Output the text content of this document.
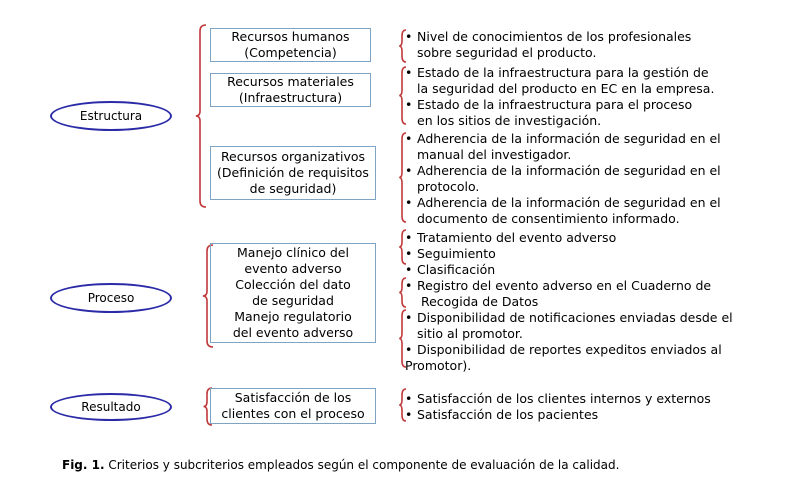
Estructura
Proceso
Resultado
Recursos humanos
(Competencia)
Recursos materiales
(Infraestructura)
Recursos organizativos
(Definición de requisitos
de seguridad)
Manejo clínico del
evento adverso
Colección del dato
de seguridad
Manejo regulatorio
del evento adverso
Satisfacción de los
clientes con el proceso
• Nivel de conocimientos de los profesionales
sobre seguridad el producto.
• Estado de la infraestructura para la gestión de
la seguridad del producto en EC en la empresa.
• Estado de la infraestructura para el proceso
en los sitios de investigación.
• Adherencia de la información de seguridad en el
manual del investigador.
• Adherencia de la información de seguridad en el
protocolo.
• Adherencia de la información de seguridad en el
documento de consentimiento informado.
• Tratamiento del evento adverso
• Seguimiento
• Clasificación
• Registro del evento adverso en el Cuaderno de
Recogida de Datos
• Disponibilidad de notificaciones enviadas desde el
sitio al promotor.
• Disponibilidad de reportes expeditos enviados al
Promotor).
• Satisfacción de los clientes internos y externos
• Satisfacción de los pacientes
Fig. 1. Criterios y subcriterios empleados según el componente de evaluación de la calidad.
